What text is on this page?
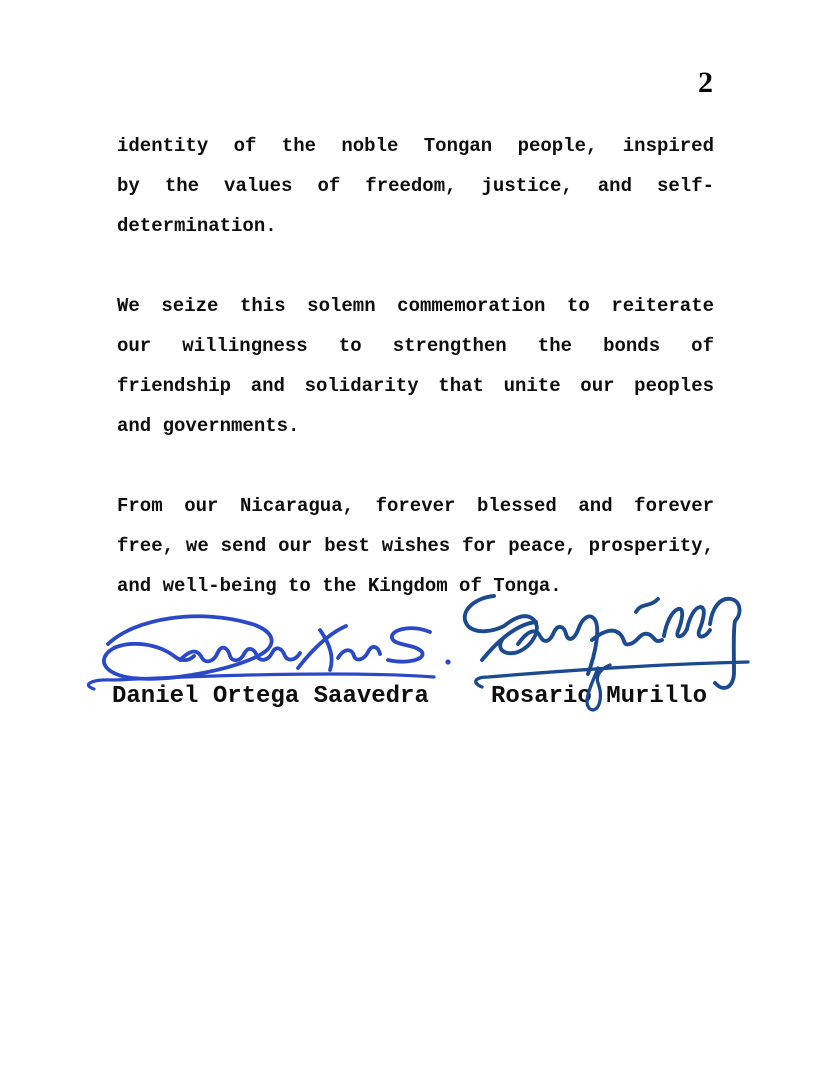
2
identity of the noble Tongan people, inspired
by the values of freedom, justice, and self-
determination.
We seize this solemn commemoration to reiterate
our willingness to strengthen the bonds of
friendship and solidarity that unite our peoples
and governments.
From our Nicaragua, forever blessed and forever
free, we send our best wishes for peace, prosperity,
and well-being to the Kingdom of Tonga.
Daniel Ortega Saavedra	Rosario Murillo
